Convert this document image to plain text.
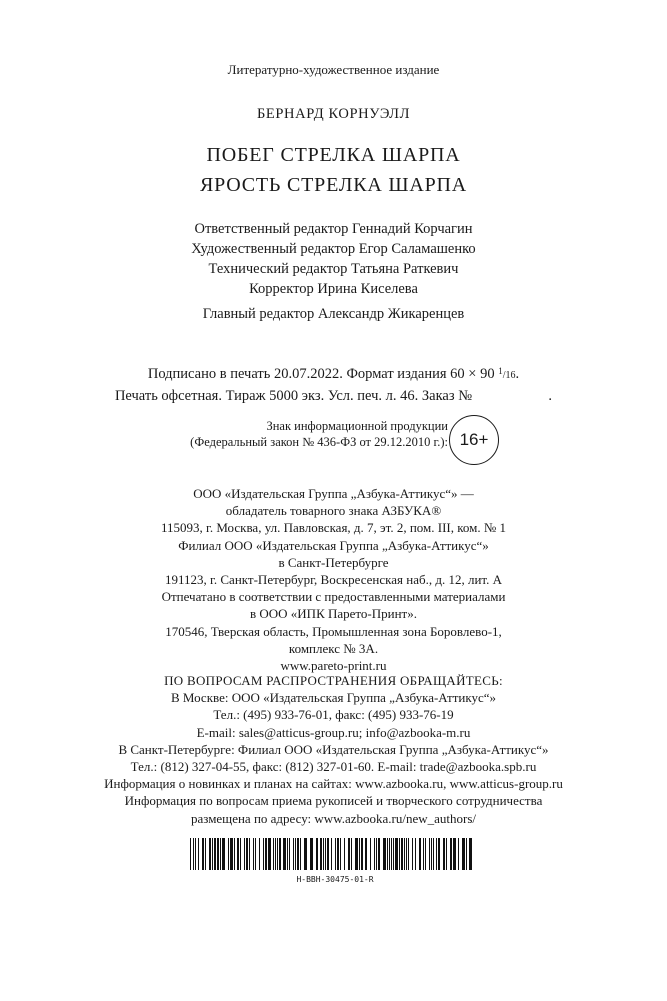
Литературно-художественное издание
БЕРНАРД КОРНУЭЛЛ
ПОБЕГ СТРЕЛКА ШАРПА
ЯРОСТЬ СТРЕЛКА ШАРПА
Ответственный редактор Геннадий Корчагин
Художественный редактор Егор Саламашенко
Технический редактор Татьяна Раткевич
Корректор Ирина Киселева
Главный редактор Александр Жикаренцев
Подписано в печать 20.07.2022. Формат издания 60 × 90 $^1$/16.
Печать офсетная. Тираж 5000 экз. Усл. печ. л. 46. Заказ №	.
Знак информационной продукции
(Федеральный закон № 436-ФЗ от 29.12.2010 г.): 16+
ООО «Издательская Группа „Азбука-Аттикус“» —
обладатель товарного знака АЗБУКА®
115093, г. Москва, ул. Павловская, д. 7, эт. 2, пом. III, ком. № 1
Филиал ООО «Издательская Группа „Азбука-Аттикус“»
в Санкт-Петербурге
191123, г. Санкт-Петербург, Воскресенская наб., д. 12, лит. А
Отпечатано в соответствии с предоставленными материалами
в ООО «ИПК Парето-Принт».
170546, Тверская область, Промышленная зона Боровлево-1,
комплекс № 3А.
www.pareto-print.ru
ПО ВОПРОСАМ РАСПРОСТРАНЕНИЯ ОБРАЩАЙТЕСЬ:
В Москве: ООО «Издательская Группа „Азбука-Аттикус“»
Тел.: (495) 933-76-01, факс: (495) 933-76-19
E-mail: sales@atticus-group.ru; info@azbooka-m.ru
В Санкт-Петербурге: Филиал ООО «Издательская Группа „Азбука-Аттикус“»
Тел.: (812) 327-04-55, факс: (812) 327-01-60. E-mail: trade@azbooka.spb.ru
Информация о новинках и планах на сайтах: www.azbooka.ru, www.atticus-group.ru
Информация по вопросам приема рукописей и творческого сотрудничества
размещена по адресу: www.azbooka.ru/new_authors/
Н-ВВН-30475-01-R
